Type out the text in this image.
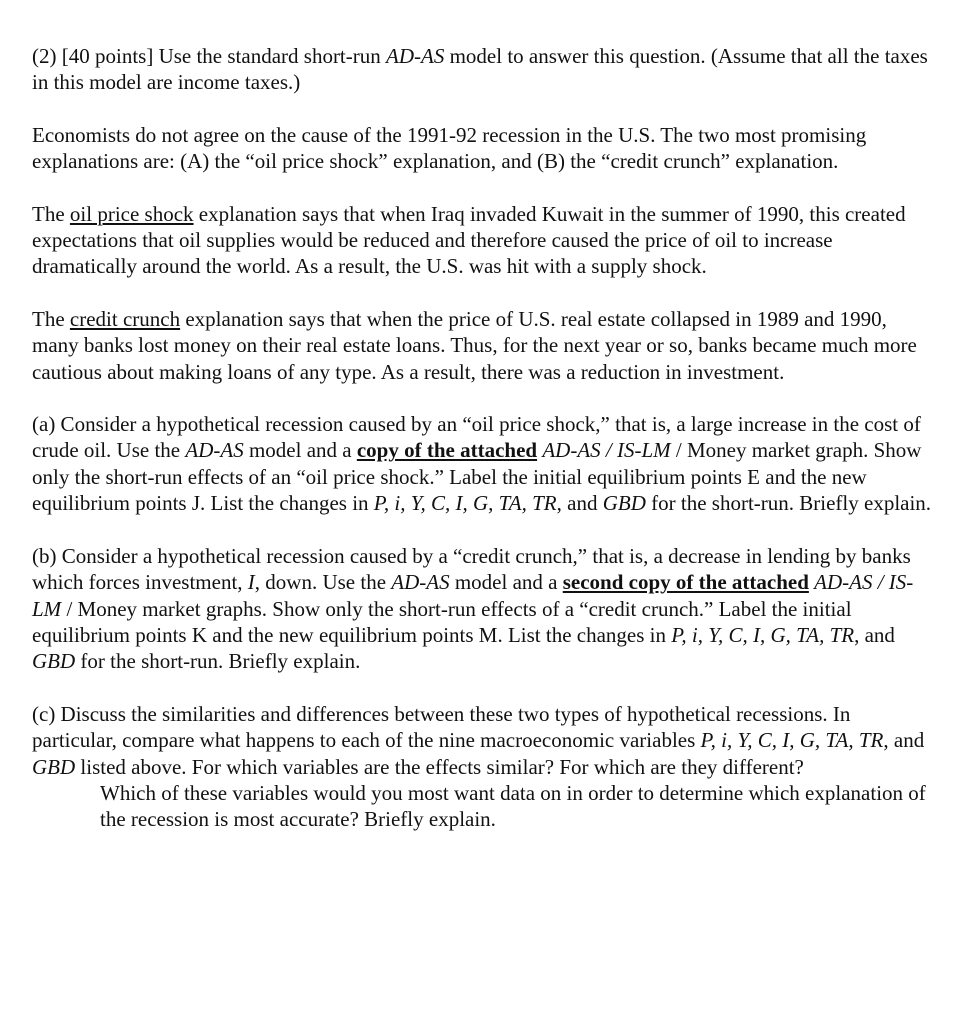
(2) [40 points] Use the standard short-run AD-AS model to answer this question. (Assume that all the taxes in this model are income taxes.)

Economists do not agree on the cause of the 1991-92 recession in the U.S. The two most promising explanations are: (A) the “oil price shock” explanation, and (B) the “credit crunch” explanation.

The oil price shock explanation says that when Iraq invaded Kuwait in the summer of 1990, this created expectations that oil supplies would be reduced and therefore caused the price of oil to increase dramatically around the world. As a result, the U.S. was hit with a supply shock.

The credit crunch explanation says that when the price of U.S. real estate collapsed in 1989 and 1990, many banks lost money on their real estate loans. Thus, for the next year or so, banks became much more cautious about making loans of any type. As a result, there was a reduction in investment.

(a) Consider a hypothetical recession caused by an “oil price shock,” that is, a large increase in the cost of crude oil. Use the AD-AS model and a copy of the attached AD-AS / IS-LM / Money market graph. Show only the short-run effects of an “oil price shock.” Label the initial equilibrium points E and the new equilibrium points J. List the changes in P, i, Y, C, I, G, TA, TR, and GBD for the short-run. Briefly explain.

(b) Consider a hypothetical recession caused by a “credit crunch,” that is, a decrease in lending by banks which forces investment, I, down. Use the AD-AS model and a second copy of the attached AD-AS / IS-LM / Money market graphs. Show only the short-run effects of a “credit crunch.” Label the initial equilibrium points K and the new equilibrium points M. List the changes in P, i, Y, C, I, G, TA, TR, and GBD for the short-run. Briefly explain.

(c) Discuss the similarities and differences between these two types of hypothetical recessions. In particular, compare what happens to each of the nine macroeconomic variables P, i, Y, C, I, G, TA, TR, and GBD listed above. For which variables are the effects similar? For which are they different?

Which of these variables would you most want data on in order to determine which explanation of the recession is most accurate? Briefly explain.
